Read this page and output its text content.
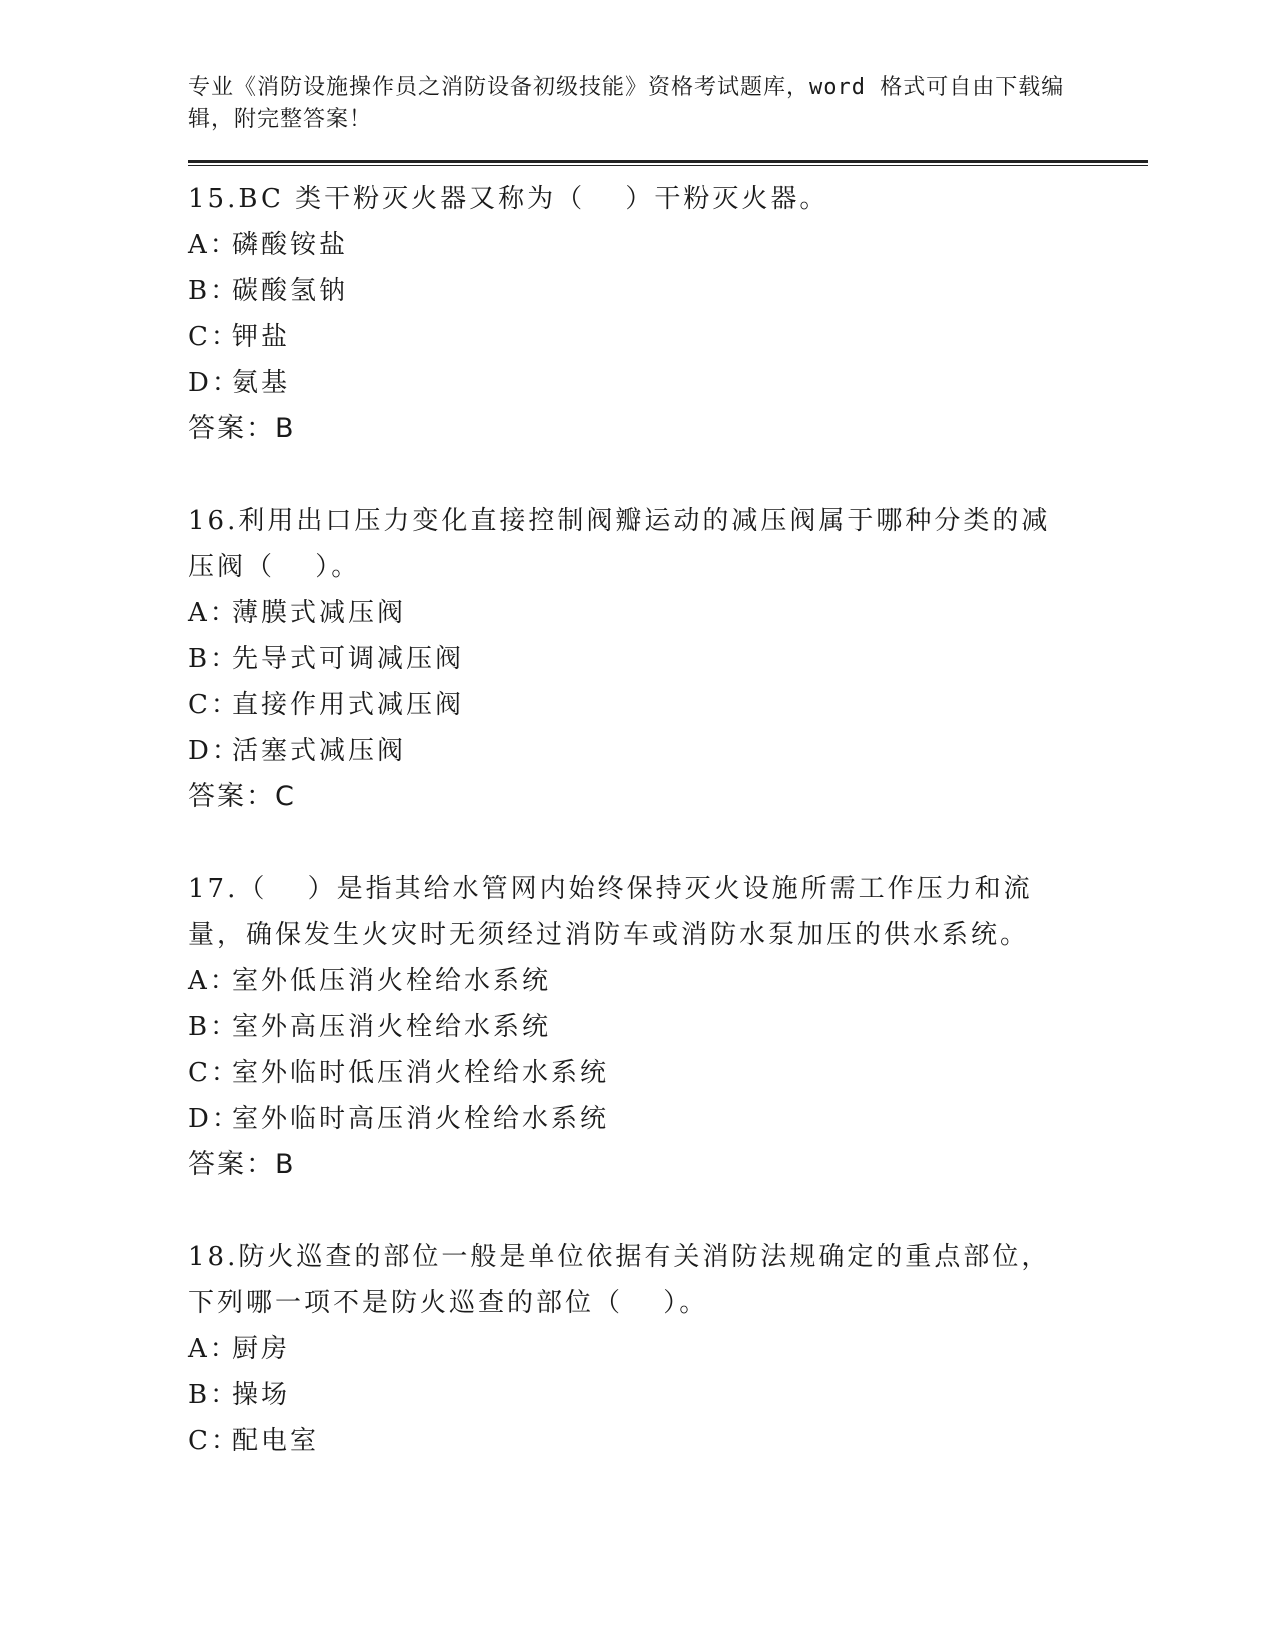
专业《消防设施操作员之消防设备初级技能》资格考试题库，word 格式可自由下载编辑，附完整答案！
15.BC 类干粉灭火器又称为（　 ）干粉灭火器。
A：磷酸铵盐
B：碳酸氢钠
C：钾盐
D：氨基
答案：B
16.利用出口压力变化直接控制阀瓣运动的减压阀属于哪种分类的减压阀（　 ）。
A：薄膜式减压阀
B：先导式可调减压阀
C：直接作用式减压阀
D：活塞式减压阀
答案：C
17.（　 ）是指其给水管网内始终保持灭火设施所需工作压力和流量，确保发生火灾时无须经过消防车或消防水泵加压的供水系统。
A：室外低压消火栓给水系统
B：室外高压消火栓给水系统
C：室外临时低压消火栓给水系统
D：室外临时高压消火栓给水系统
答案：B
18.防火巡查的部位一般是单位依据有关消防法规确定的重点部位，下列哪一项不是防火巡查的部位（　 ）。
A：厨房
B：操场
C：配电室
